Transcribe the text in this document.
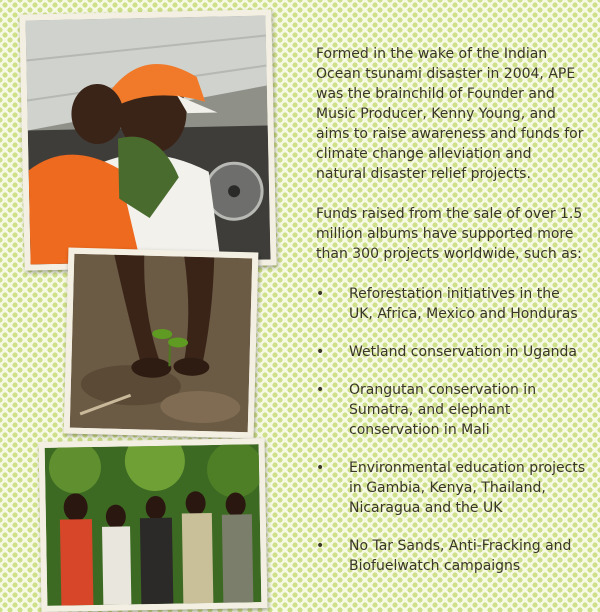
Formed in the wake of the Indian Ocean tsunami disaster in 2004, APE was the brainchild of Founder and Music Producer, Kenny Young, and aims to raise awareness and funds for climate change alleviation and natural disaster relief projects.

Funds raised from the sale of over 1.5 million albums have supported more than 300 projects worldwide, such as:

• Reforestation initiatives in the UK, Africa, Mexico and Honduras
• Wetland conservation in Uganda
• Orangutan conservation in Sumatra, and elephant conservation in Mali
• Environmental education projects in Gambia, Kenya, Thailand, Nicaragua and the UK
• No Tar Sands, Anti-Fracking and Biofuelwatch campaigns
